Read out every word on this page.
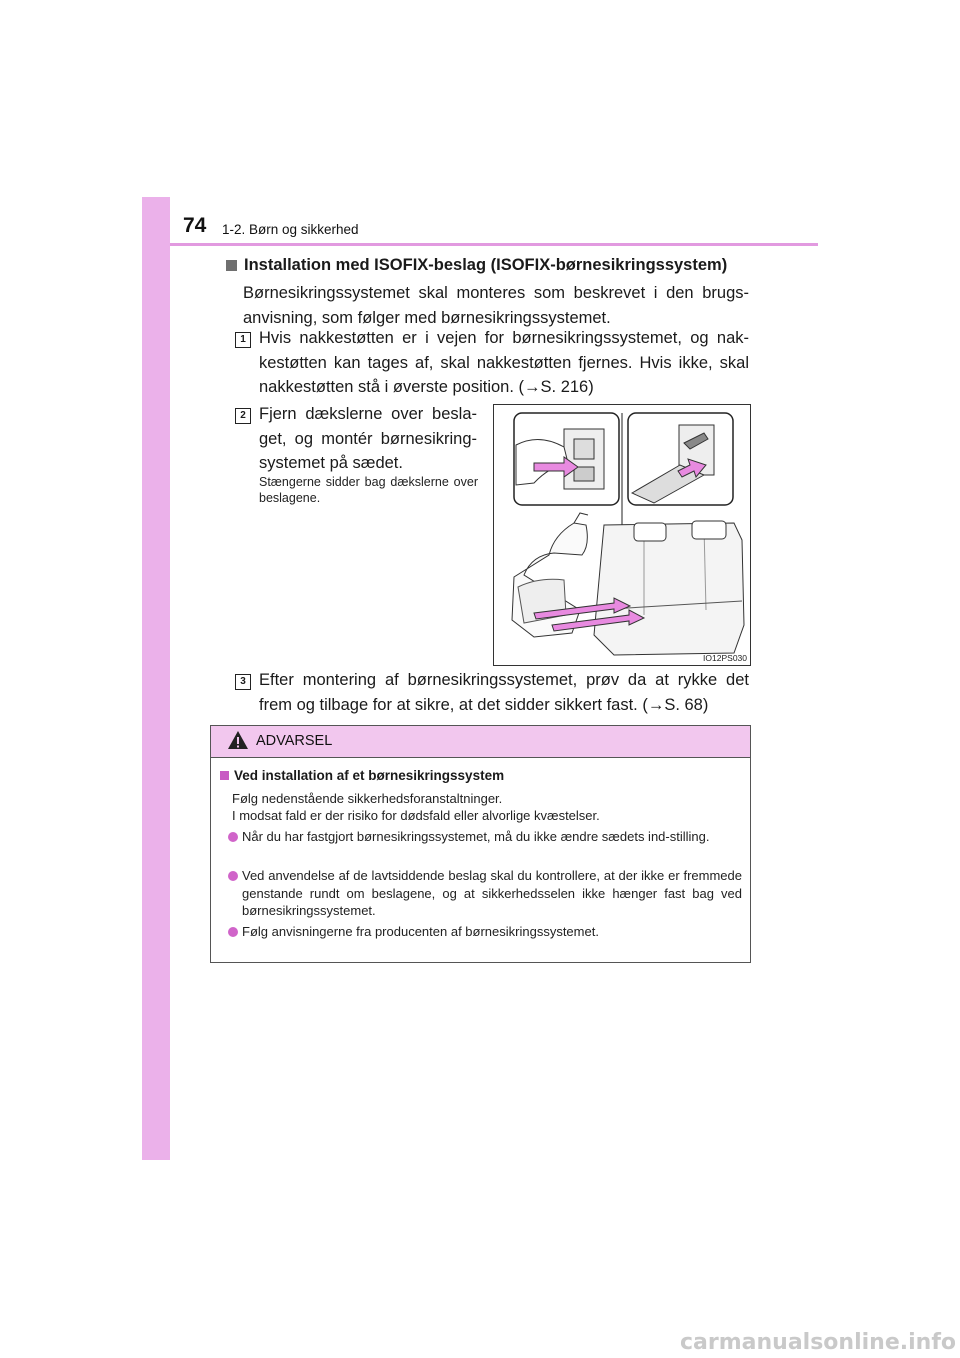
74 1-2. Børn og sikkerhed
Installation med ISOFIX-beslag (ISOFIX-børnesikringssystem)
Børnesikringssystemet skal monteres som beskrevet i den brugs-anvisning, som følger med børnesikringssystemet.
1 Hvis nakkestøtten er i vejen for børnesikringssystemet, og nak-kestøtten kan tages af, skal nakkestøtten fjernes. Hvis ikke, skal nakkestøtten stå i øverste position. (→S. 216)
2 Fjern dækslerne over besla-get, og montér børnesikring-systemet på sædet.
Stængerne sidder bag dækslerne over beslagene.
IO12PS030
3 Efter montering af børnesikringssystemet, prøv da at rykke det frem og tilbage for at sikre, at det sidder sikkert fast. (→S. 68)
ADVARSEL
Ved installation af et børnesikringssystem
Følg nedenstående sikkerhedsforanstaltninger.
I modsat fald er der risiko for dødsfald eller alvorlige kvæstelser.
Når du har fastgjort børnesikringssystemet, må du ikke ændre sædets ind-stilling.
Ved anvendelse af de lavtsiddende beslag skal du kontrollere, at der ikke er fremmede genstande rundt om beslagene, og at sikkerhedsselen ikke hænger fast bag ved børnesikringssystemet.
Følg anvisningerne fra producenten af børnesikringssystemet.
carmanualsonline.info
